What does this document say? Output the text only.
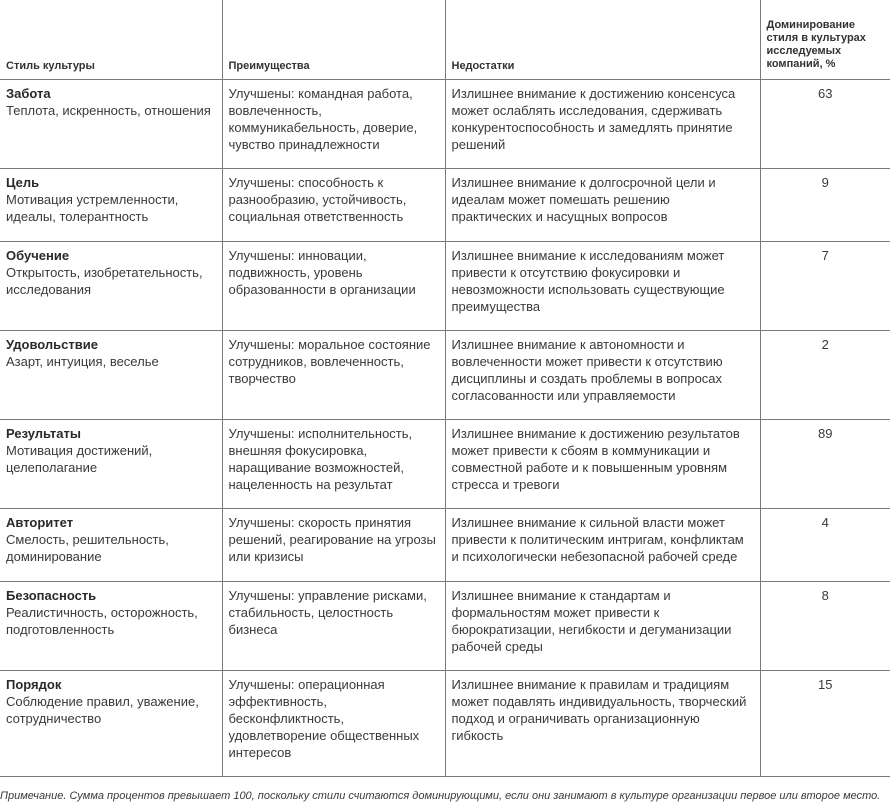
Стиль культуры	Преимущества	Недостатки	Доминирование стиля в культурах исследуемых компаний, %

Забота
Теплота, искренность, отношения	Улучшены: командная работа, вовлеченность, коммуникабельность, доверие, чувство принадлежности	Излишнее внимание к достижению консенсуса может ослаблять исследования, сдерживать конкурентоспособность и замедлять принятие решений	63

Цель
Мотивация устремленности, идеалы, толерантность	Улучшены: способность к разнообразию, устойчивость, социальная ответственность	Излишнее внимание к долгосрочной цели и идеалам может помешать решению практических и насущных вопросов	9

Обучение
Открытость, изобретательность, исследования	Улучшены: инновации, подвижность, уровень образованности в организации	Излишнее внимание к исследованиям может привести к отсутствию фокусировки и невозможности использовать существующие преимущества	7

Удовольствие
Азарт, интуиция, веселье	Улучшены: моральное состояние сотрудников, вовлеченность, творчество	Излишнее внимание к автономности и вовлеченности может привести к отсутствию дисциплины и создать проблемы в вопросах согласованности или управляемости	2

Результаты
Мотивация достижений, целеполагание	Улучшены: исполнительность, внешняя фокусировка, наращивание возможностей, нацеленность на результат	Излишнее внимание к достижению результатов может привести к сбоям в коммуникации и совместной работе и к повышенным уровням стресса и тревоги	89

Авторитет
Смелость, решительность, доминирование	Улучшены: скорость принятия решений, реагирование на угрозы или кризисы	Излишнее внимание к сильной власти может привести к политическим интригам, конфликтам и психологически небезопасной рабочей среде	4

Безопасность
Реалистичность, осторожность, подготовленность	Улучшены: управление рисками, стабильность, целостность бизнеса	Излишнее внимание к стандартам и формальностям может привести к бюрократизации, негибкости и дегуманизации рабочей среды	8

Порядок
Соблюдение правил, уважение, сотрудничество	Улучшены: операционная эффективность, бесконфликтность, удовлетворение общественных интересов	Излишнее внимание к правилам и традициям может подавлять индивидуальность, творческий подход и ограничивать организационную гибкость	15
Примечание. Сумма процентов превышает 100, поскольку стили считаются доминирующими, если они занимают в культуре организации первое или второе место.
